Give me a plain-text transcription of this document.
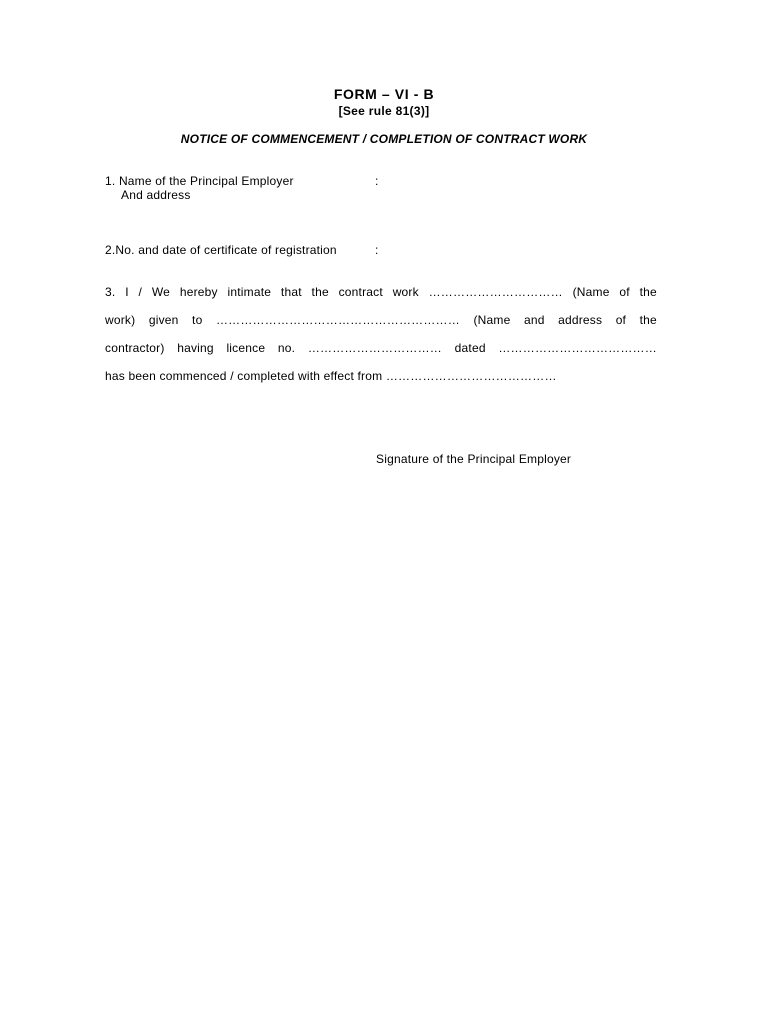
FORM – VI - B
[See rule 81(3)]
NOTICE OF COMMENCEMENT / COMPLETION OF CONTRACT WORK
1. Name of the Principal Employer
And address
:
2.No. and date of certificate of registration	:
3. I / We hereby intimate that the contract work …………………………… (Name of the
work) given to …………………………………………………… (Name and address of the
contractor) having licence no. …………………………… dated …………………………………
has been commenced / completed with effect from ……………………………………
Signature of the Principal Employer
